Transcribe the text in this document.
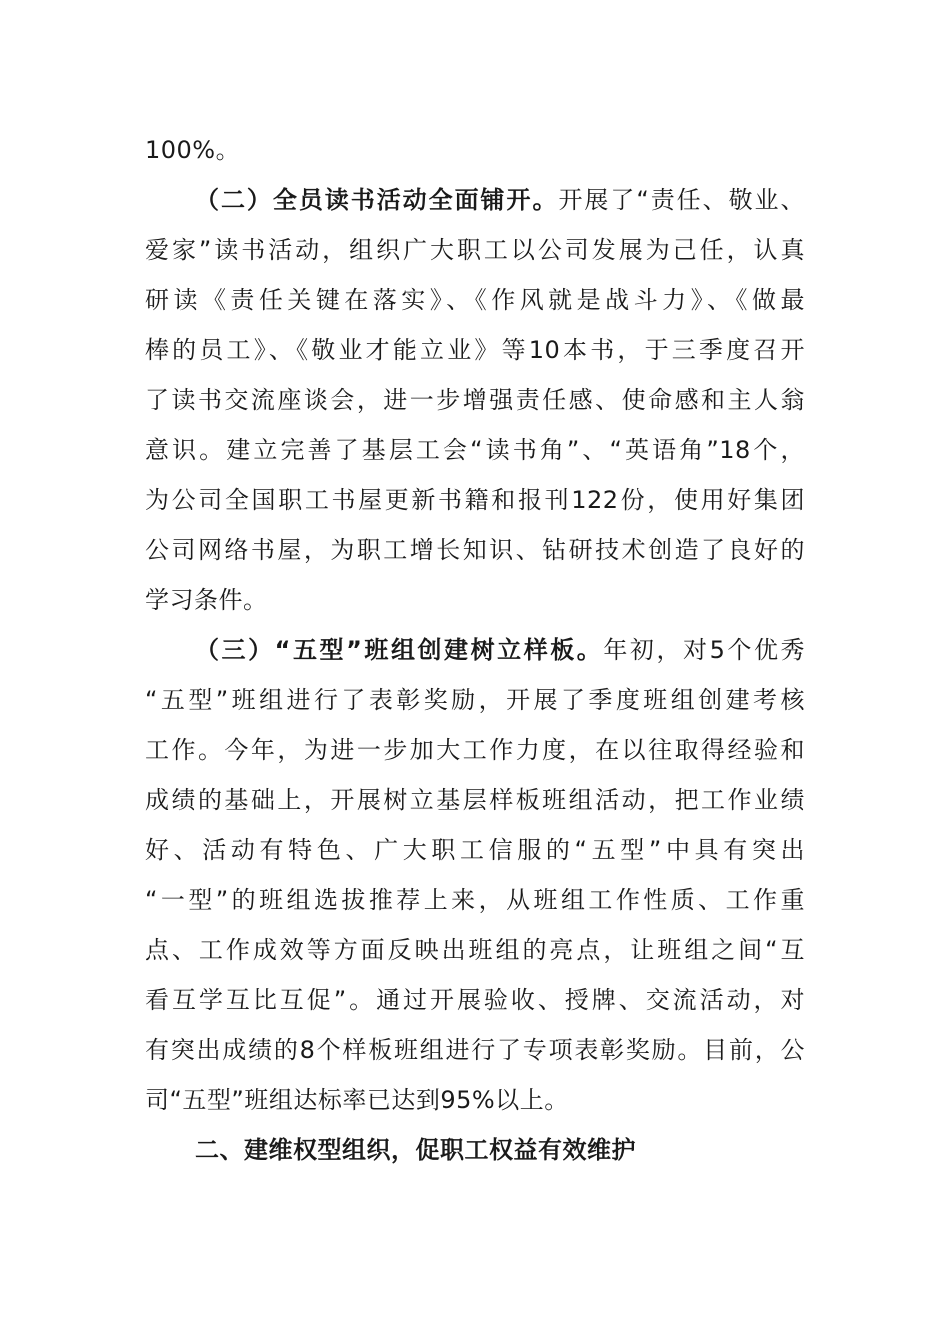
100%。
（二）全员读书活动全面铺开。开展了“责任、敬业、
爱家”读书活动，组织广大职工以公司发展为己任，认真
研读《责任关键在落实》、《作风就是战斗力》、《做最
棒的员工》、《敬业才能立业》等10本书，于三季度召开
了读书交流座谈会，进一步增强责任感、使命感和主人翁
意识。建立完善了基层工会“读书角”、“英语角”18个，
为公司全国职工书屋更新书籍和报刊122份，使用好集团
公司网络书屋，为职工增长知识、钻研技术创造了良好的
学习条件。
（三）“五型”班组创建树立样板。年初，对5个优秀
“五型”班组进行了表彰奖励，开展了季度班组创建考核
工作。今年，为进一步加大工作力度，在以往取得经验和
成绩的基础上，开展树立基层样板班组活动，把工作业绩
好、活动有特色、广大职工信服的“五型”中具有突出
“一型”的班组选拔推荐上来，从班组工作性质、工作重
点、工作成效等方面反映出班组的亮点，让班组之间“互
看互学互比互促”。通过开展验收、授牌、交流活动，对
有突出成绩的8个样板班组进行了专项表彰奖励。目前，公
司“五型”班组达标率已达到95%以上。
二、建维权型组织，促职工权益有效维护
